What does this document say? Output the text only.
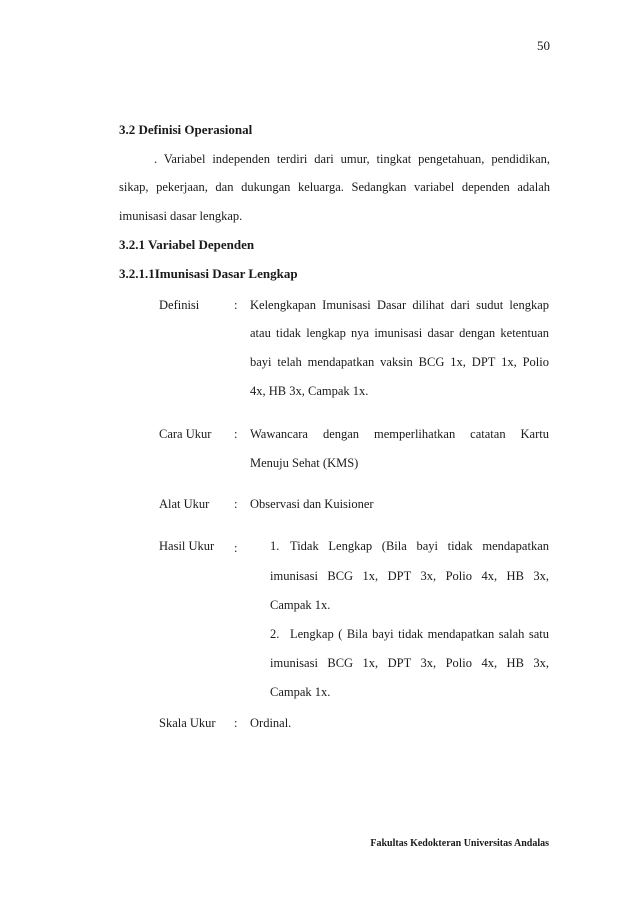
50
3.2 Definisi Operasional
. Variabel independen terdiri dari umur, tingkat pengetahuan, pendidikan,
sikap, pekerjaan, dan dukungan keluarga. Sedangkan variabel dependen adalah
imunisasi dasar lengkap.
3.2.1 Variabel Dependen
3.2.1.1Imunisasi Dasar Lengkap
Definisi	: Kelengkapan Imunisasi Dasar dilihat dari sudut lengkap
atau tidak lengkap nya imunisasi dasar dengan ketentuan
bayi telah mendapatkan vaksin BCG 1x, DPT 1x, Polio
4x, HB 3x, Campak 1x.
Cara Ukur : Wawancara dengan memperlihatkan catatan Kartu
Menuju Sehat (KMS)
Alat Ukur : Observasi dan Kuisioner
Hasil Ukur :	1. Tidak Lengkap (Bila bayi tidak mendapatkan
imunisasi BCG 1x, DPT 3x, Polio 4x, HB 3x,
Campak 1x.
2. Lengkap ( Bila bayi tidak mendapatkan salah satu
imunisasi BCG 1x, DPT 3x, Polio 4x, HB 3x,
Campak 1x.
Skala Ukur : Ordinal.
Fakultas Kedokteran Universitas Andalas
